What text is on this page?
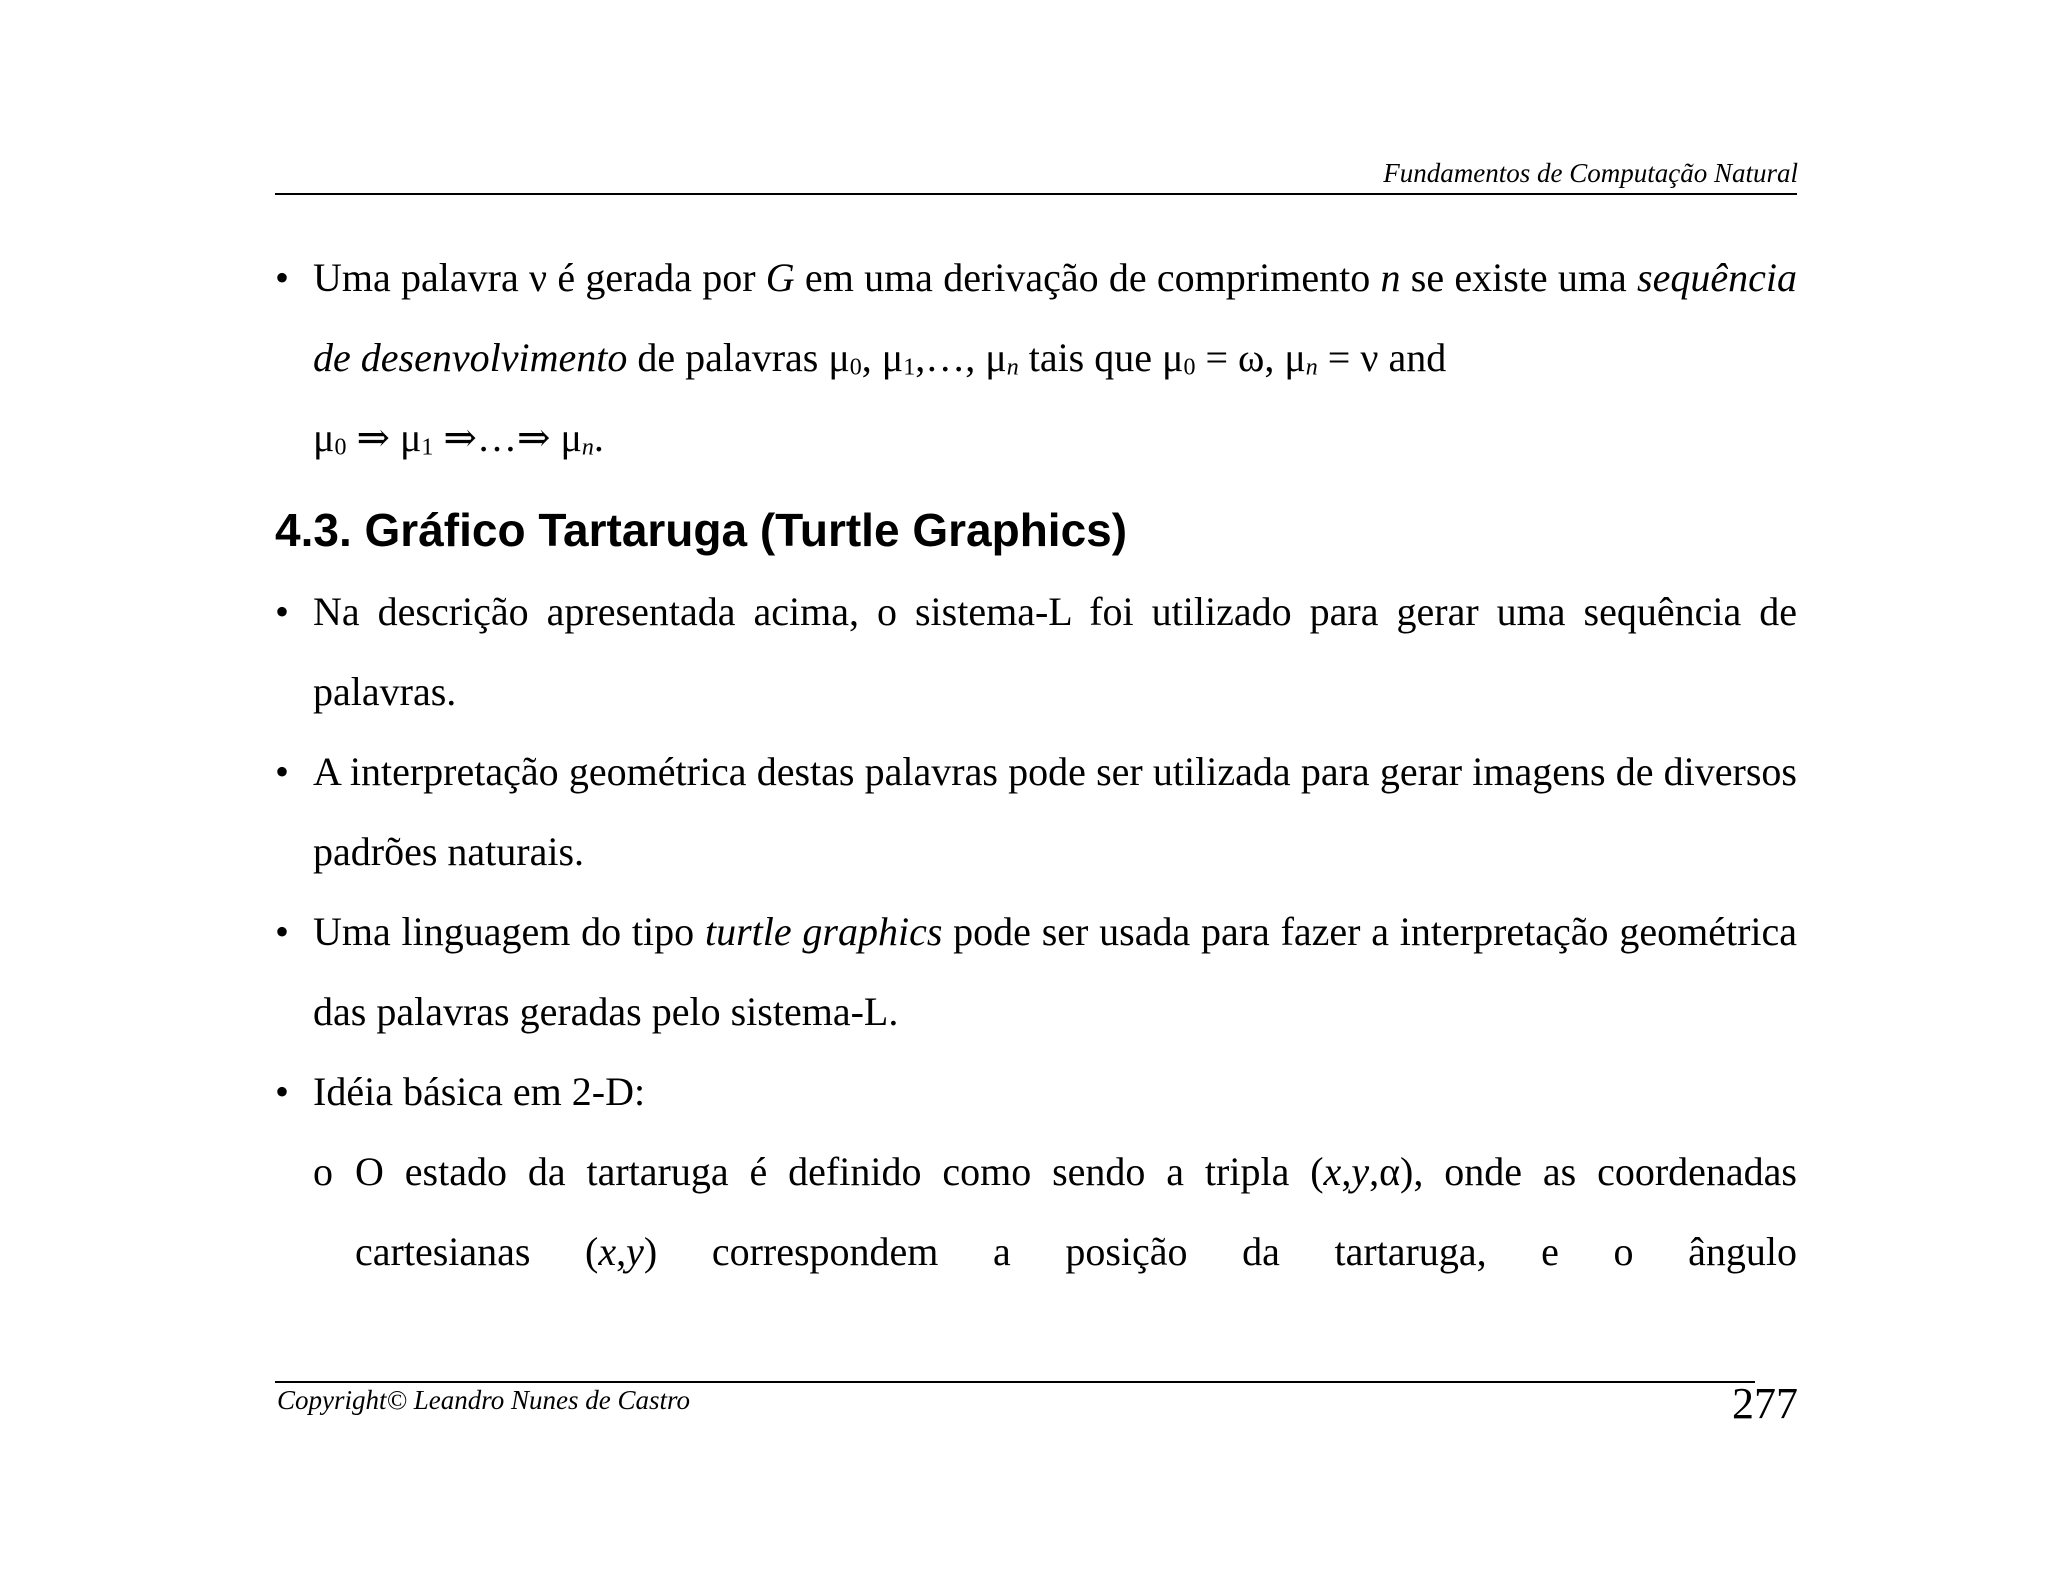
Fundamentos de Computação Natural
• Uma palavra ν é gerada por G em uma derivação de comprimento n se existe uma sequência de desenvolvimento de palavras $\mu_0$, $\mu_1,\dots$, $\mu_n$ tais que $\mu_0 = \omega$, $\mu_n = \nu$ and
$\mu_0$ ⇒ $\mu_1$ ⇒…⇒ $\mu_n$.
4.3. Gráfico Tartaruga (Turtle Graphics)
• Na descrição apresentada acima, o sistema-L foi utilizado para gerar uma sequência de palavras.
• A interpretação geométrica destas palavras pode ser utilizada para gerar imagens de diversos padrões naturais.
• Uma linguagem do tipo turtle graphics pode ser usada para fazer a interpretação geométrica das palavras geradas pelo sistema-L.
• Idéia básica em 2-D:
o O estado da tartaruga é definido como sendo a tripla (x,y,α), onde as coordenadas cartesianas (x,y) correspondem a posição da tartaruga, e o ângulo
Copyright© Leandro Nunes de Castro	277
